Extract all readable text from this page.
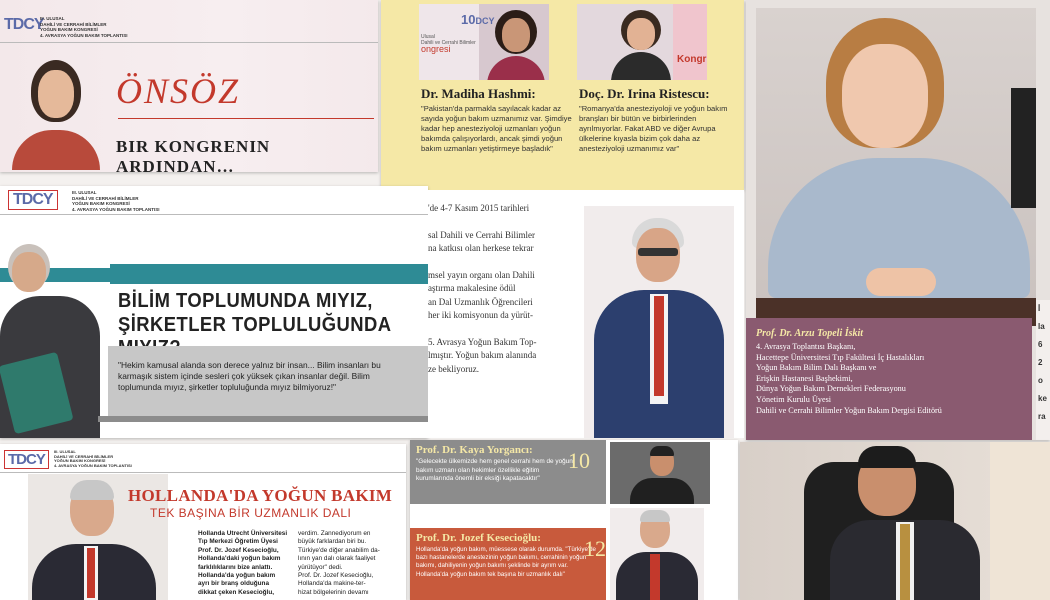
TDCY
III. ULUSAL
DAHİLİ VE CERRAHİ BİLİMLER
YOĞUN BAKIM KONGRESİ
4. AVRASYA YOĞUN BAKIM TOPLANTISI
ÖNSÖZ
BIR KONGRENIN ARDINDAN…
10DCY
Ulusal
Dahili ve Cerrahi Bilimler
ongresi
Kongr
Dr. Madiha Hashmi:
"Pakistan'da parmakla sayılacak kadar az sayıda yoğun bakım uzmanımız var. Şimdiye kadar hep anesteziyoloji uzmanları yoğun bakımda çalışıyorlardı, ancak şimdi yoğun bakım uzmanları yetiştirmeye başladık"
Doç. Dr. Irina Ristescu:
"Romanya'da anesteziyoloji ve yoğun bakım branşları bir bütün ve birbirlerinden ayrılmıyorlar. Fakat ABD ve diğer Avrupa ülkelerine kıyasla bizim çok daha az anesteziyoloji uzmanımız var"
Prof. Dr. Arzu Topeli İskit
4. Avrasya Toplantısı Başkanı,
Hacettepe Üniversitesi Tıp Fakültesi İç Hastalıkları
Yoğun Bakım Bilim Dalı Başkanı ve
Erişkin Hastanesi Başhekimi,
Dünya Yoğun Bakım Dernekleri Federasyonu
Yönetim Kurulu Üyesi
Dahili ve Cerrahi Bilimler Yoğun Bakım Dergisi Editörü
İ
la
6
2
o
ke
ra
TDCY	III. ULUSAL
DAHİLİ VE CERRAHİ BİLİMLER
YOĞUN BAKIM KONGRESİ
4. AVRASYA YOĞUN BAKIM TOPLANTISI
BİLİM TOPLUMUNDA MIYIZ,
ŞİRKETLER TOPLULUĞUNDA
"Hekim kamusal alanda son derece yalnız bir insan... Bilim insanları bu karmaşık sistem içinde sesleri çok yüksek çıkan insanlar değil. Bilim toplumunda mıyız, şirketler topluluğunda mıyız bilmiyoruz!"
'de 4-7 Kasım 2015 tarihleri

sal Dahili ve Cerrahi Bilimler
na katkısı olan herkese tekrar

msel yayın organı olan Dahili
aştırma makalesine ödül
an Dal Uzmanlık Öğrencileri
her iki komisyonun da yürüt-

5. Avrasya Yoğun Bakım Top-
lmıştır. Yoğun bakım alanında
ze bekliyoruz.
TDCY	III. ULUSAL
DAHİLİ VE CERRAHİ BİLİMLER
YOĞUN BAKIM KONGRESİ
4. AVRASYA YOĞUN BAKIM TOPLANTISI
HOLLANDA'DA YOĞUN BAKIM
TEK BAŞINA BİR UZMANLIK DALI
Hollanda Utrecht Üniversitesi
Tıp Merkezi Öğretim Üyesi
Prof. Dr. Jozef Kesecioğlu,
Hollanda'daki yoğun bakım
farklılıklarını bize anlattı.
Hollanda'da yoğun bakım
ayrı bir branş olduğuna
dikkat çeken Kesecioğlu,
verdim. Zannediyorum en
büyük farklardan biri bu.
Türkiye'de diğer anabilim da-
lının yan dalı olarak faaliyet
yürütüyor" dedi.
Prof. Dr. Jozef Kesecioğlu,
Hollanda'da makine-ter-
hizat bölgelerinin devamı
Prof. Dr. Kaya Yorgancı:
"Gelecekte ülkemizde hem genel cerrahi hem de yoğun bakım uzmanı olan hekimler özellikle eğitim kurumlarında önemli bir eksiği kapatacaktır"
10
Prof. Dr. Jozef Kesecioğlu:
Hollanda'da yoğun bakım, müessese olarak durumda. "Türkiye'de bazı hastanelerde anestezinin yoğun bakımı, cerrahinin yoğun bakımı, dahiliyenin yoğun bakımı şeklinde bir ayrım var. Hollanda'da yoğun bakım tek başına bir uzmanlık dalı"
12
